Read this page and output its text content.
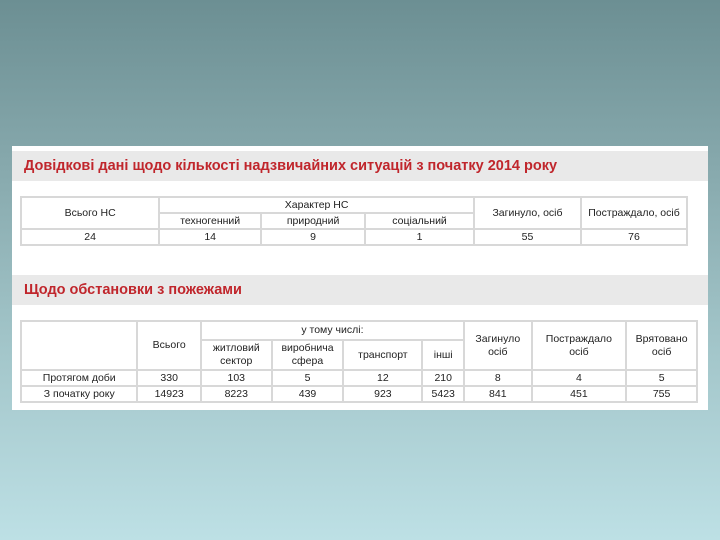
Довідкові дані щодо кількості надзвичайних ситуацій з початку 2014 року
Всього НС	Характер НС			Загинуло, осіб	Постраждало, осіб
	техногенний	природний	соціальний		
24	14	9	1	55	76
Щодо обстановки з пожежами
	Всього	у тому числі:				Загинуло осіб	Постраждало осіб	Врятовано осіб
		житловий сектор	виробнича сфера	транспорт	інші			
Протягом доби	330	103	5	12	210	8	4	5
З початку року	14923	8223	439	923	5423	841	451	755
